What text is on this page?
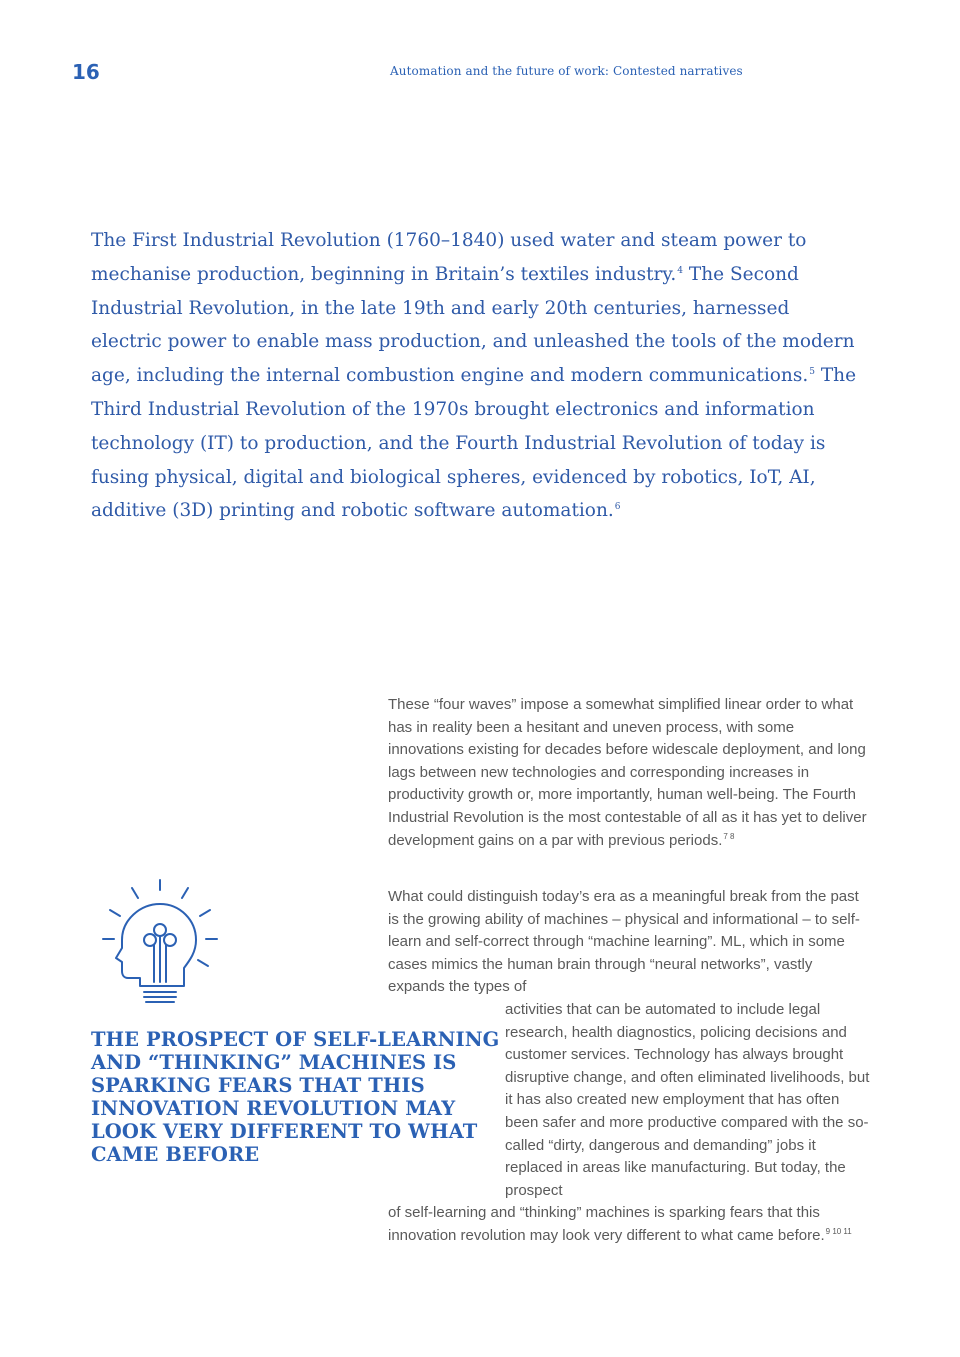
16	Automation and the future of work: Contested narratives

The First Industrial Revolution (1760–1840) used water and steam power to mechanise production, beginning in Britain’s textiles industry.$^4$ The Second Industrial Revolution, in the late 19th and early 20th centuries, harnessed electric power to enable mass production, and unleashed the tools of the modern age, including the internal combustion engine and modern communications.$^5$ The Third Industrial Revolution of the 1970s brought electronics and information technology (IT) to production, and the Fourth Industrial Revolution of today is fusing physical, digital and biological spheres, evidenced by robotics, IoT, AI, additive (3D) printing and robotic software automation.$^6$

These “four waves” impose a somewhat simplified linear order to what has in reality been a hesitant and uneven process, with some innovations existing for decades before widescale deployment, and long lags between new technologies and corresponding increases in productivity growth or, more importantly, human well-being. The Fourth Industrial Revolution is the most contestable of all as it has yet to deliver development gains on a par with previous periods.$^{7 8}$

What could distinguish today’s era as a meaningful break from the past is the growing ability of machines – physical and informational – to self-learn and self-correct through “machine learning”. ML, which in some cases mimics the human brain through “neural networks”, vastly expands the types of

activities that can be automated to include legal research, health diagnostics, policing decisions and customer services. Technology has always brought disruptive change, and often eliminated livelihoods, but it has also created new employment that has often been safer and more productive compared with the so-called “dirty, dangerous and demanding” jobs it replaced in areas like manufacturing. But today, the prospect

of self-learning and “thinking” machines is sparking fears that this innovation revolution may look very different to what came before.$^{9 10 11}$

THE PROSPECT OF SELF-LEARNING AND “THINKING” MACHINES IS SPARKING FEARS THAT THIS INNOVATION REVOLUTION MAY LOOK VERY DIFFERENT TO WHAT CAME BEFORE
